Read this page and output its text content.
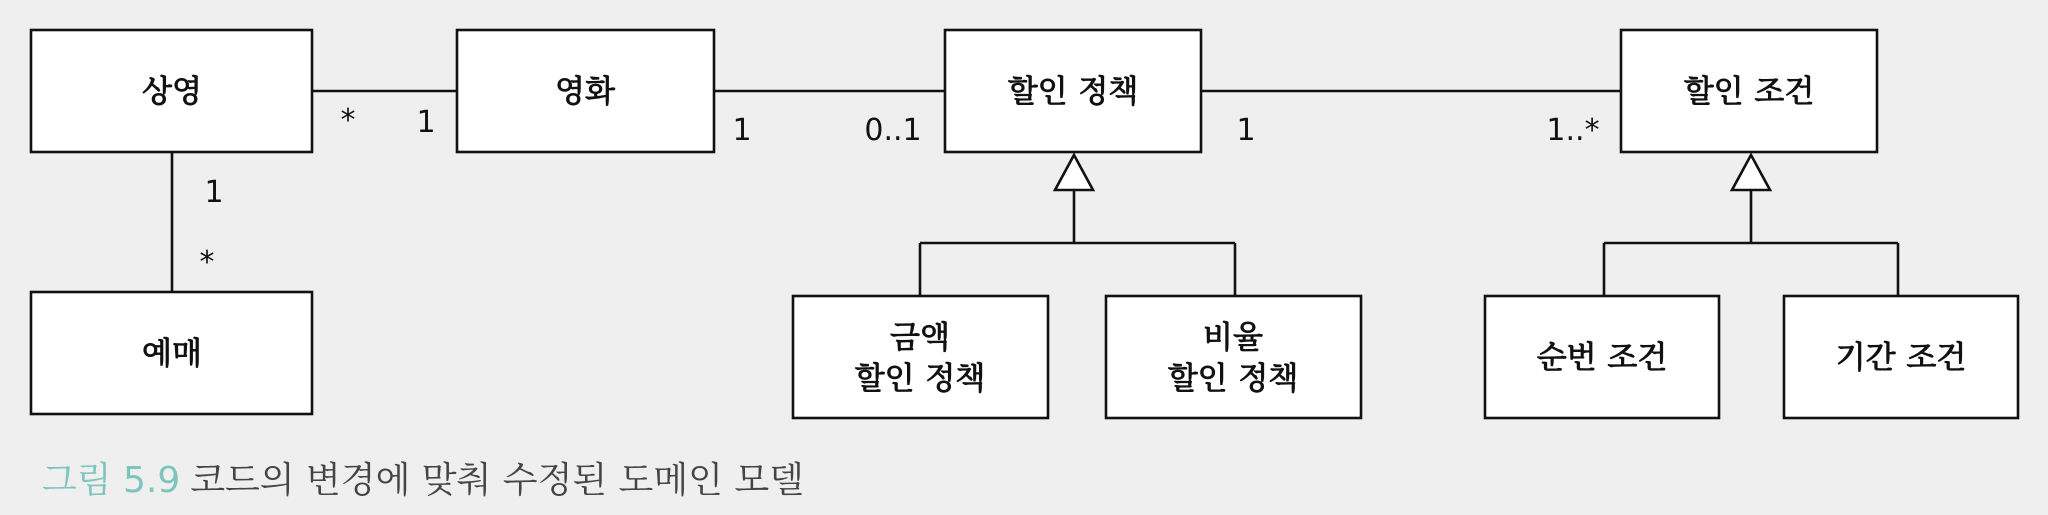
상영
예매
영화	할인 정책	할인 조건
금액
할인 정책
비율
할인 정책
순번 조건	기간 조건
* 1
1
*
1	0..1	1	1..*

그림 5.9 코드의 변경에 맞춰 수정된 도메인 모델
